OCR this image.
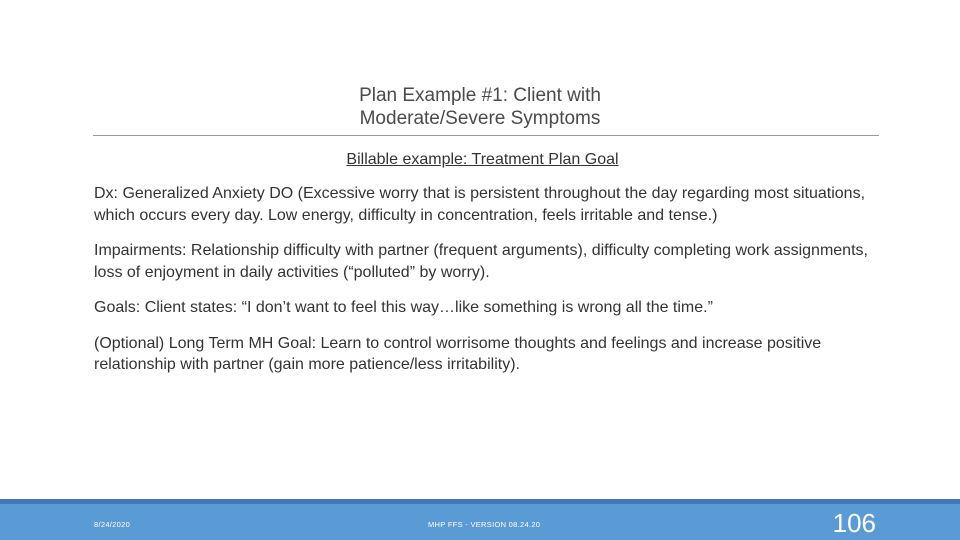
Plan Example #1: Client with
Moderate/Severe Symptoms
Billable example: Treatment Plan Goal

Dx: Generalized Anxiety DO (Excessive worry that is persistent throughout the day regarding most situations, which occurs every day. Low energy, difficulty in concentration, feels irritable and tense.)

Impairments: Relationship difficulty with partner (frequent arguments), difficulty completing work assignments, loss of enjoyment in daily activities (“polluted” by worry).

Goals: Client states: “I don’t want to feel this way…like something is wrong all the time.”

(Optional) Long Term MH Goal: Learn to control worrisome thoughts and feelings and increase positive relationship with partner (gain more patience/less irritability).

8/24/2020	MHP FFS - VERSION 08.24.20	106
